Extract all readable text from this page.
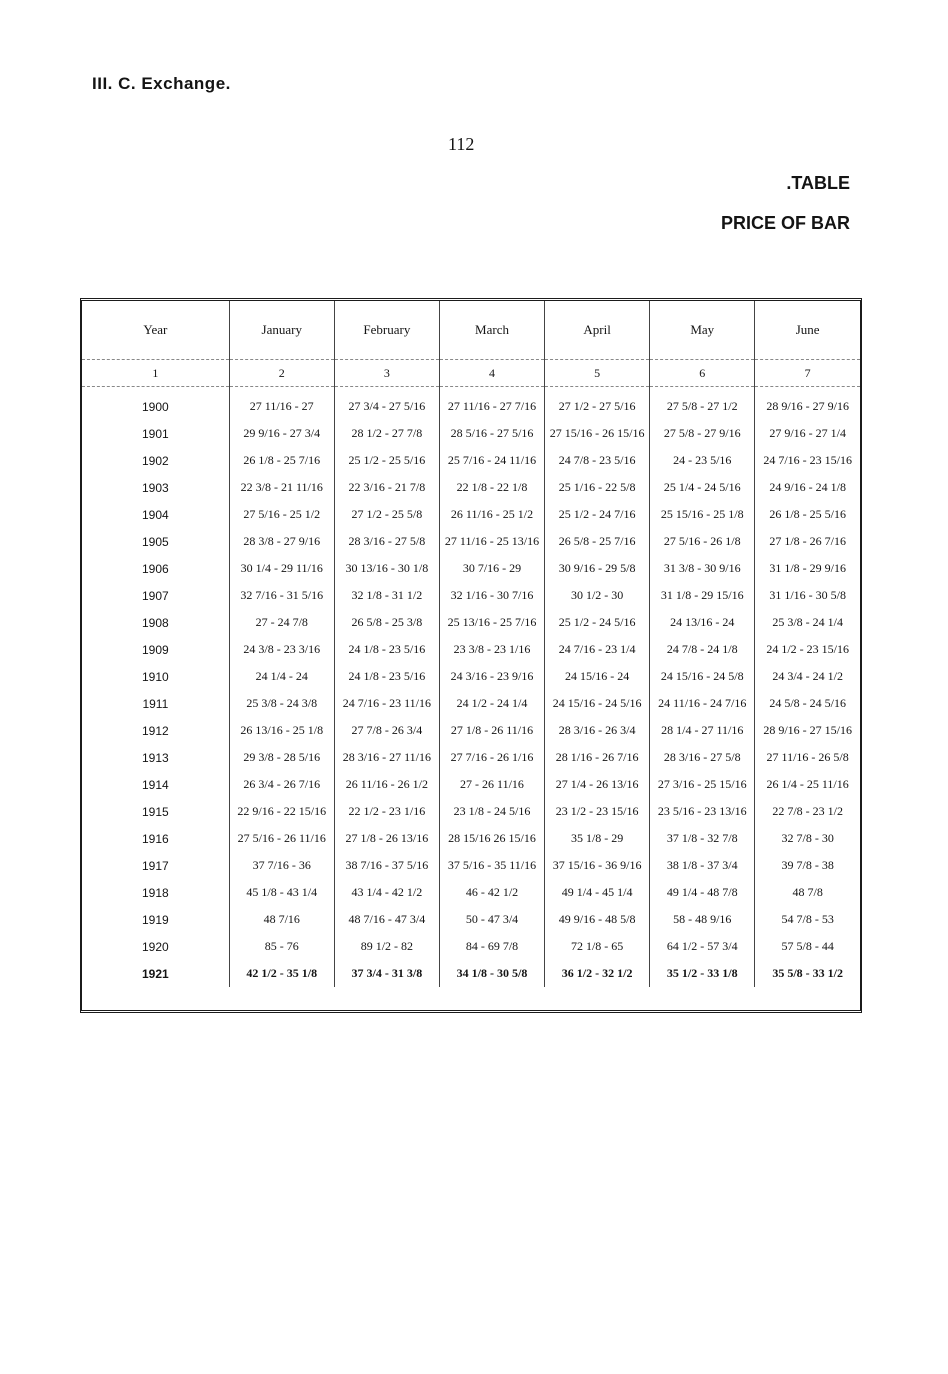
III. C. Exchange.
112
.TABLE
PRICE OF BAR
Year	January	February	March	April	May	June
1	2	3	4	5	6	7
1900	27 11/16 - 27	27 3/4 - 27 5/16	27 11/16 - 27 7/16	27 1/2 - 27 5/16	27 5/8 - 27 1/2	28 9/16 - 27 9/16
1901	29 9/16 - 27 3/4	28 1/2 - 27 7/8	28 5/16 - 27 5/16	27 15/16 - 26 15/16	27 5/8 - 27 9/16	27 9/16 - 27 1/4
1902	26 1/8 - 25 7/16	25 1/2 - 25 5/16	25 7/16 - 24 11/16	24 7/8 - 23 5/16	24 - 23 5/16	24 7/16 - 23 15/16
1903	22 3/8 - 21 11/16	22 3/16 - 21 7/8	22 1/8 - 22 1/8	25 1/16 - 22 5/8	25 1/4 - 24 5/16	24 9/16 - 24 1/8
1904	27 5/16 - 25 1/2	27 1/2 - 25 5/8	26 11/16 - 25 1/2	25 1/2 - 24 7/16	25 15/16 - 25 1/8	26 1/8 - 25 5/16
1905	28 3/8 - 27 9/16	28 3/16 - 27 5/8	27 11/16 - 25 13/16	26 5/8 - 25 7/16	27 5/16 - 26 1/8	27 1/8 - 26 7/16
1906	30 1/4 - 29 11/16	30 13/16 - 30 1/8	30 7/16 - 29	30 9/16 - 29 5/8	31 3/8 - 30 9/16	31 1/8 - 29 9/16
1907	32 7/16 - 31 5/16	32 1/8 - 31 1/2	32 1/16 - 30 7/16	30 1/2 - 30	31 1/8 - 29 15/16	31 1/16 - 30 5/8
1908	27 - 24 7/8	26 5/8 - 25 3/8	25 13/16 - 25 7/16	25 1/2 - 24 5/16	24 13/16 - 24	25 3/8 - 24 1/4
1909	24 3/8 - 23 3/16	24 1/8 - 23 5/16	23 3/8 - 23 1/16	24 7/16 - 23 1/4	24 7/8 - 24 1/8	24 1/2 - 23 15/16
1910	24 1/4 - 24	24 1/8 - 23 5/16	24 3/16 - 23 9/16	24 15/16 - 24	24 15/16 - 24 5/8	24 3/4 - 24 1/2
1911	25 3/8 - 24 3/8	24 7/16 - 23 11/16	24 1/2 - 24 1/4	24 15/16 - 24 5/16	24 11/16 - 24 7/16	24 5/8 - 24 5/16
1912	26 13/16 - 25 1/8	27 7/8 - 26 3/4	27 1/8 - 26 11/16	28 3/16 - 26 3/4	28 1/4 - 27 11/16	28 9/16 - 27 15/16
1913	29 3/8 - 28 5/16	28 3/16 - 27 11/16	27 7/16 - 26 1/16	28 1/16 - 26 7/16	28 3/16 - 27 5/8	27 11/16 - 26 5/8
1914	26 3/4 - 26 7/16	26 11/16 - 26 1/2	27 - 26 11/16	27 1/4 - 26 13/16	27 3/16 - 25 15/16	26 1/4 - 25 11/16
1915	22 9/16 - 22 15/16	22 1/2 - 23 1/16	23 1/8 - 24 5/16	23 1/2 - 23 15/16	23 5/16 - 23 13/16	22 7/8 - 23 1/2
1916	27 5/16 - 26 11/16	27 1/8 - 26 13/16	28 15/16 26 15/16	35 1/8 - 29	37 1/8 - 32 7/8	32 7/8 - 30
1917	37 7/16 - 36	38 7/16 - 37 5/16	37 5/16 - 35 11/16	37 15/16 - 36 9/16	38 1/8 - 37 3/4	39 7/8 - 38
1918	45 1/8 - 43 1/4	43 1/4 - 42 1/2	46 - 42 1/2	49 1/4 - 45 1/4	49 1/4 - 48 7/8	48 7/8
1919	48 7/16	48 7/16 - 47 3/4	50 - 47 3/4	49 9/16 - 48 5/8	58 - 48 9/16	54 7/8 - 53
1920	85 - 76	89 1/2 - 82	84 - 69 7/8	72 1/8 - 65	64 1/2 - 57 3/4	57 5/8 - 44
1921	42 1/2 - 35 1/8	37 3/4 - 31 3/8	34 1/8 - 30 5/8	36 1/2 - 32 1/2	35 1/2 - 33 1/8	35 5/8 - 33 1/2
